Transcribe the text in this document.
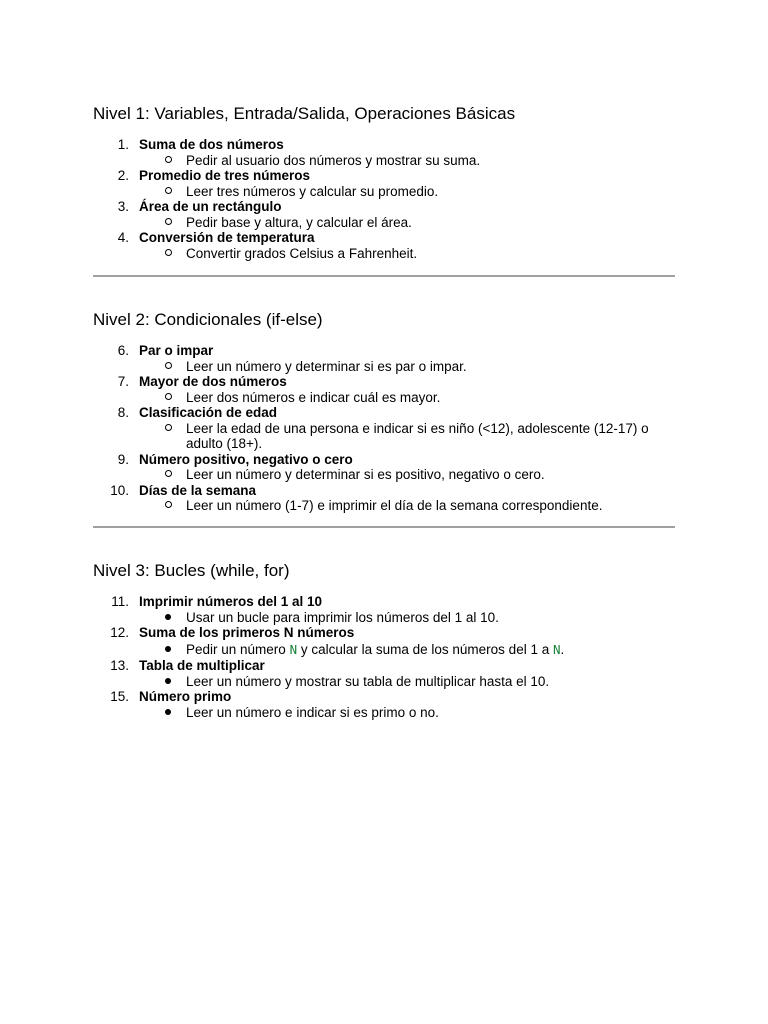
Nivel 1: Variables, Entrada/Salida, Operaciones Básicas
1. Suma de dos números
Pedir al usuario dos números y mostrar su suma.
2. Promedio de tres números
Leer tres números y calcular su promedio.
3. Área de un rectángulo
Pedir base y altura, y calcular el área.
4. Conversión de temperatura
Convertir grados Celsius a Fahrenheit.
Nivel 2: Condicionales (if-else)
6. Par o impar
Leer un número y determinar si es par o impar.
7. Mayor de dos números
Leer dos números e indicar cuál es mayor.
8. Clasificación de edad
Leer la edad de una persona e indicar si es niño (<12), adolescente (12-17) o
adulto (18+).
9. Número positivo, negativo o cero
Leer un número y determinar si es positivo, negativo o cero.
10. Días de la semana
Leer un número (1-7) e imprimir el día de la semana correspondiente.
Nivel 3: Bucles (while, for)
11. Imprimir números del 1 al 10
Usar un bucle para imprimir los números del 1 al 10.
12. Suma de los primeros N números
Pedir un número N y calcular la suma de los números del 1 a N.
13. Tabla de multiplicar
Leer un número y mostrar su tabla de multiplicar hasta el 10.
15. Número primo
Leer un número e indicar si es primo o no.
